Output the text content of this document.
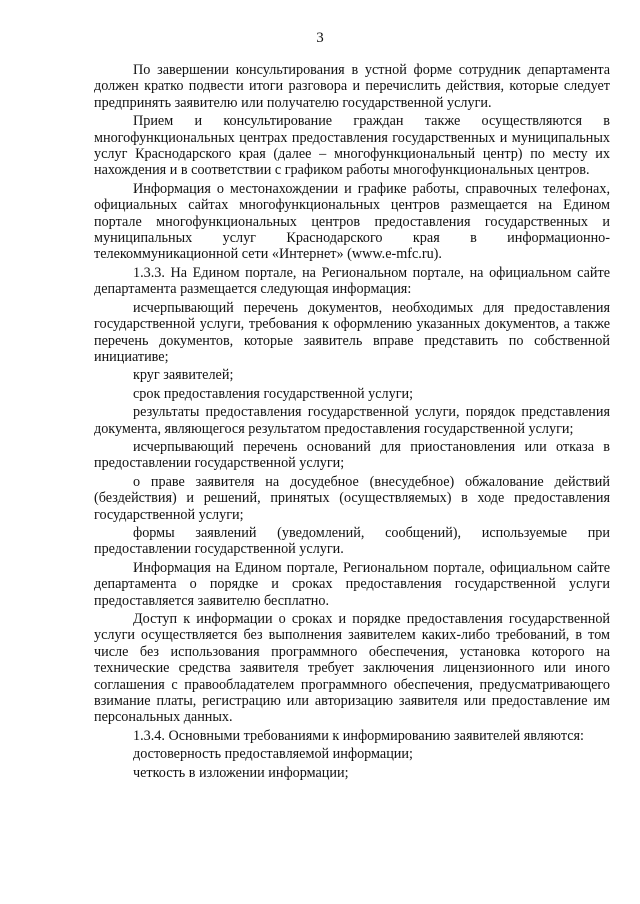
3

По завершении консультирования в устной форме сотрудник департамента должен кратко подвести итоги разговора и перечислить действия, которые следует предпринять заявителю или получателю государственной услуги.

Прием и консультирование граждан также осуществляются в многофункциональных центрах предоставления государственных и муниципальных услуг Краснодарского края (далее – многофункциональный центр) по месту их нахождения и в соответствии с графиком работы многофункциональных центров.

Информация о местонахождении и графике работы, справочных телефонах, официальных сайтах многофункциональных центров размещается на Едином портале многофункциональных центров предоставления государственных и муниципальных услуг Краснодарского края в информационно-телекоммуникационной сети «Интернет» (www.e-mfc.ru).

1.3.3. На Едином портале, на Региональном портале, на официальном сайте департамента размещается следующая информация:

исчерпывающий перечень документов, необходимых для предоставления государственной услуги, требования к оформлению указанных документов, а также перечень документов, которые заявитель вправе представить по собственной инициативе;

круг заявителей;

срок предоставления государственной услуги;

результаты предоставления государственной услуги, порядок представления документа, являющегося результатом предоставления государственной услуги;

исчерпывающий перечень оснований для приостановления или отказа в предоставлении государственной услуги;

о праве заявителя на досудебное (внесудебное) обжалование действий (бездействия) и решений, принятых (осуществляемых) в ходе предоставления государственной услуги;

формы заявлений (уведомлений, сообщений), используемые при предоставлении государственной услуги.

Информация на Едином портале, Региональном портале, официальном сайте департамента о порядке и сроках предоставления государственной услуги предоставляется заявителю бесплатно.

Доступ к информации о сроках и порядке предоставления государственной услуги осуществляется без выполнения заявителем каких-либо требований, в том числе без использования программного обеспечения, установка которого на технические средства заявителя требует заключения лицензионного или иного соглашения с правообладателем программного обеспечения, предусматривающего взимание платы, регистрацию или авторизацию заявителя или предоставление им персональных данных.

1.3.4. Основными требованиями к информированию заявителей являются:

достоверность предоставляемой информации;

четкость в изложении информации;
